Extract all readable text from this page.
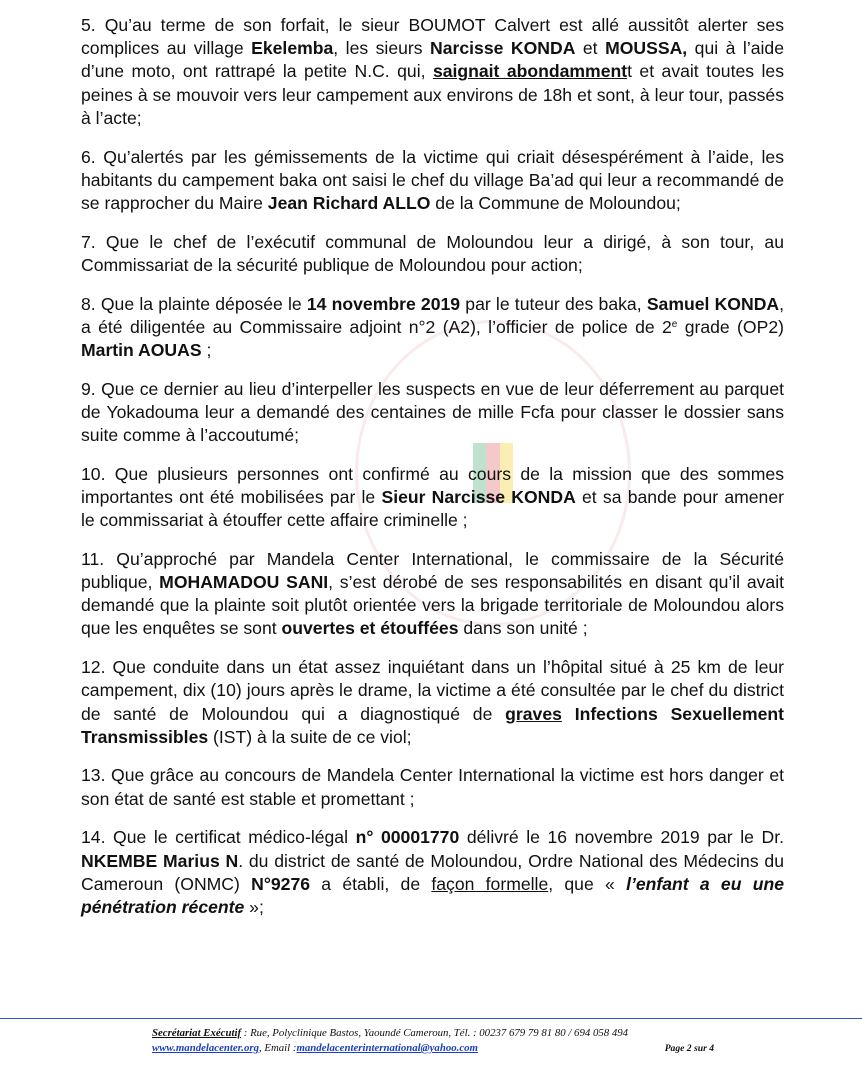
5. Qu’au terme de son forfait, le sieur BOUMOT Calvert est allé aussitôt alerter ses complices au village Ekelemba, les sieurs Narcisse KONDA et MOUSSA, qui à l’aide d’une moto, ont rattrapé la petite N.C. qui, saignait abondammentt et avait toutes les peines à se mouvoir vers leur campement aux environs de 18h et sont, à leur tour, passés à l’acte;

6. Qu’alertés par les gémissements de la victime qui criait désespérément à l’aide, les habitants du campement baka ont saisi le chef du village Ba’ad qui leur a recommandé de se rapprocher du Maire Jean Richard ALLO de la Commune de Moloundou;

7. Que le chef de l’exécutif communal de Moloundou leur a dirigé, à son tour, au Commissariat de la sécurité publique de Moloundou pour action;

8. Que la plainte déposée le 14 novembre 2019 par le tuteur des baka, Samuel KONDA, a été diligentée au Commissaire adjoint n°2 (A2), l’officier de police de 2e grade (OP2) Martin AOUAS ;

9. Que ce dernier au lieu d’interpeller les suspects en vue de leur déferrement au parquet de Yokadouma leur a demandé des centaines de mille Fcfa pour classer le dossier sans suite comme à l’accoutumé;

10. Que plusieurs personnes ont confirmé au cours de la mission que des sommes importantes ont été mobilisées par le Sieur Narcisse KONDA et sa bande pour amener le commissariat à étouffer cette affaire criminelle ;

11. Qu’approché par Mandela Center International, le commissaire de la Sécurité publique, MOHAMADOU SANI, s’est dérobé de ses responsabilités en disant qu’il avait demandé que la plainte soit plutôt orientée vers la brigade territoriale de Moloundou alors que les enquêtes se sont ouvertes et étouffées dans son unité ;

12. Que conduite dans un état assez inquiétant dans un l’hôpital situé à 25 km de leur campement, dix (10) jours après le drame, la victime a été consultée par le chef du district de santé de Moloundou qui a diagnostiqué de graves Infections Sexuellement Transmissibles (IST) à la suite de ce viol;

13. Que grâce au concours de Mandela Center International la victime est hors danger et son état de santé est stable et promettant ;

14. Que le certificat médico-légal n° 00001770 délivré le 16 novembre 2019 par le Dr. NKEMBE Marius N. du district de santé de Moloundou, Ordre National des Médecins du Cameroun (ONMC) N°9276 a établi, de façon formelle, que « l’enfant a eu une pénétration récente »;

Secrétariat Exécutif : Rue, Polyclinique Bastos, Yaoundé Cameroun, Tél. : 00237 679 79 81 80 / 694 058 494
www.mandelacenter.org , Email : mandelacenterinternational@yahoo.com	Page 2 sur 4
